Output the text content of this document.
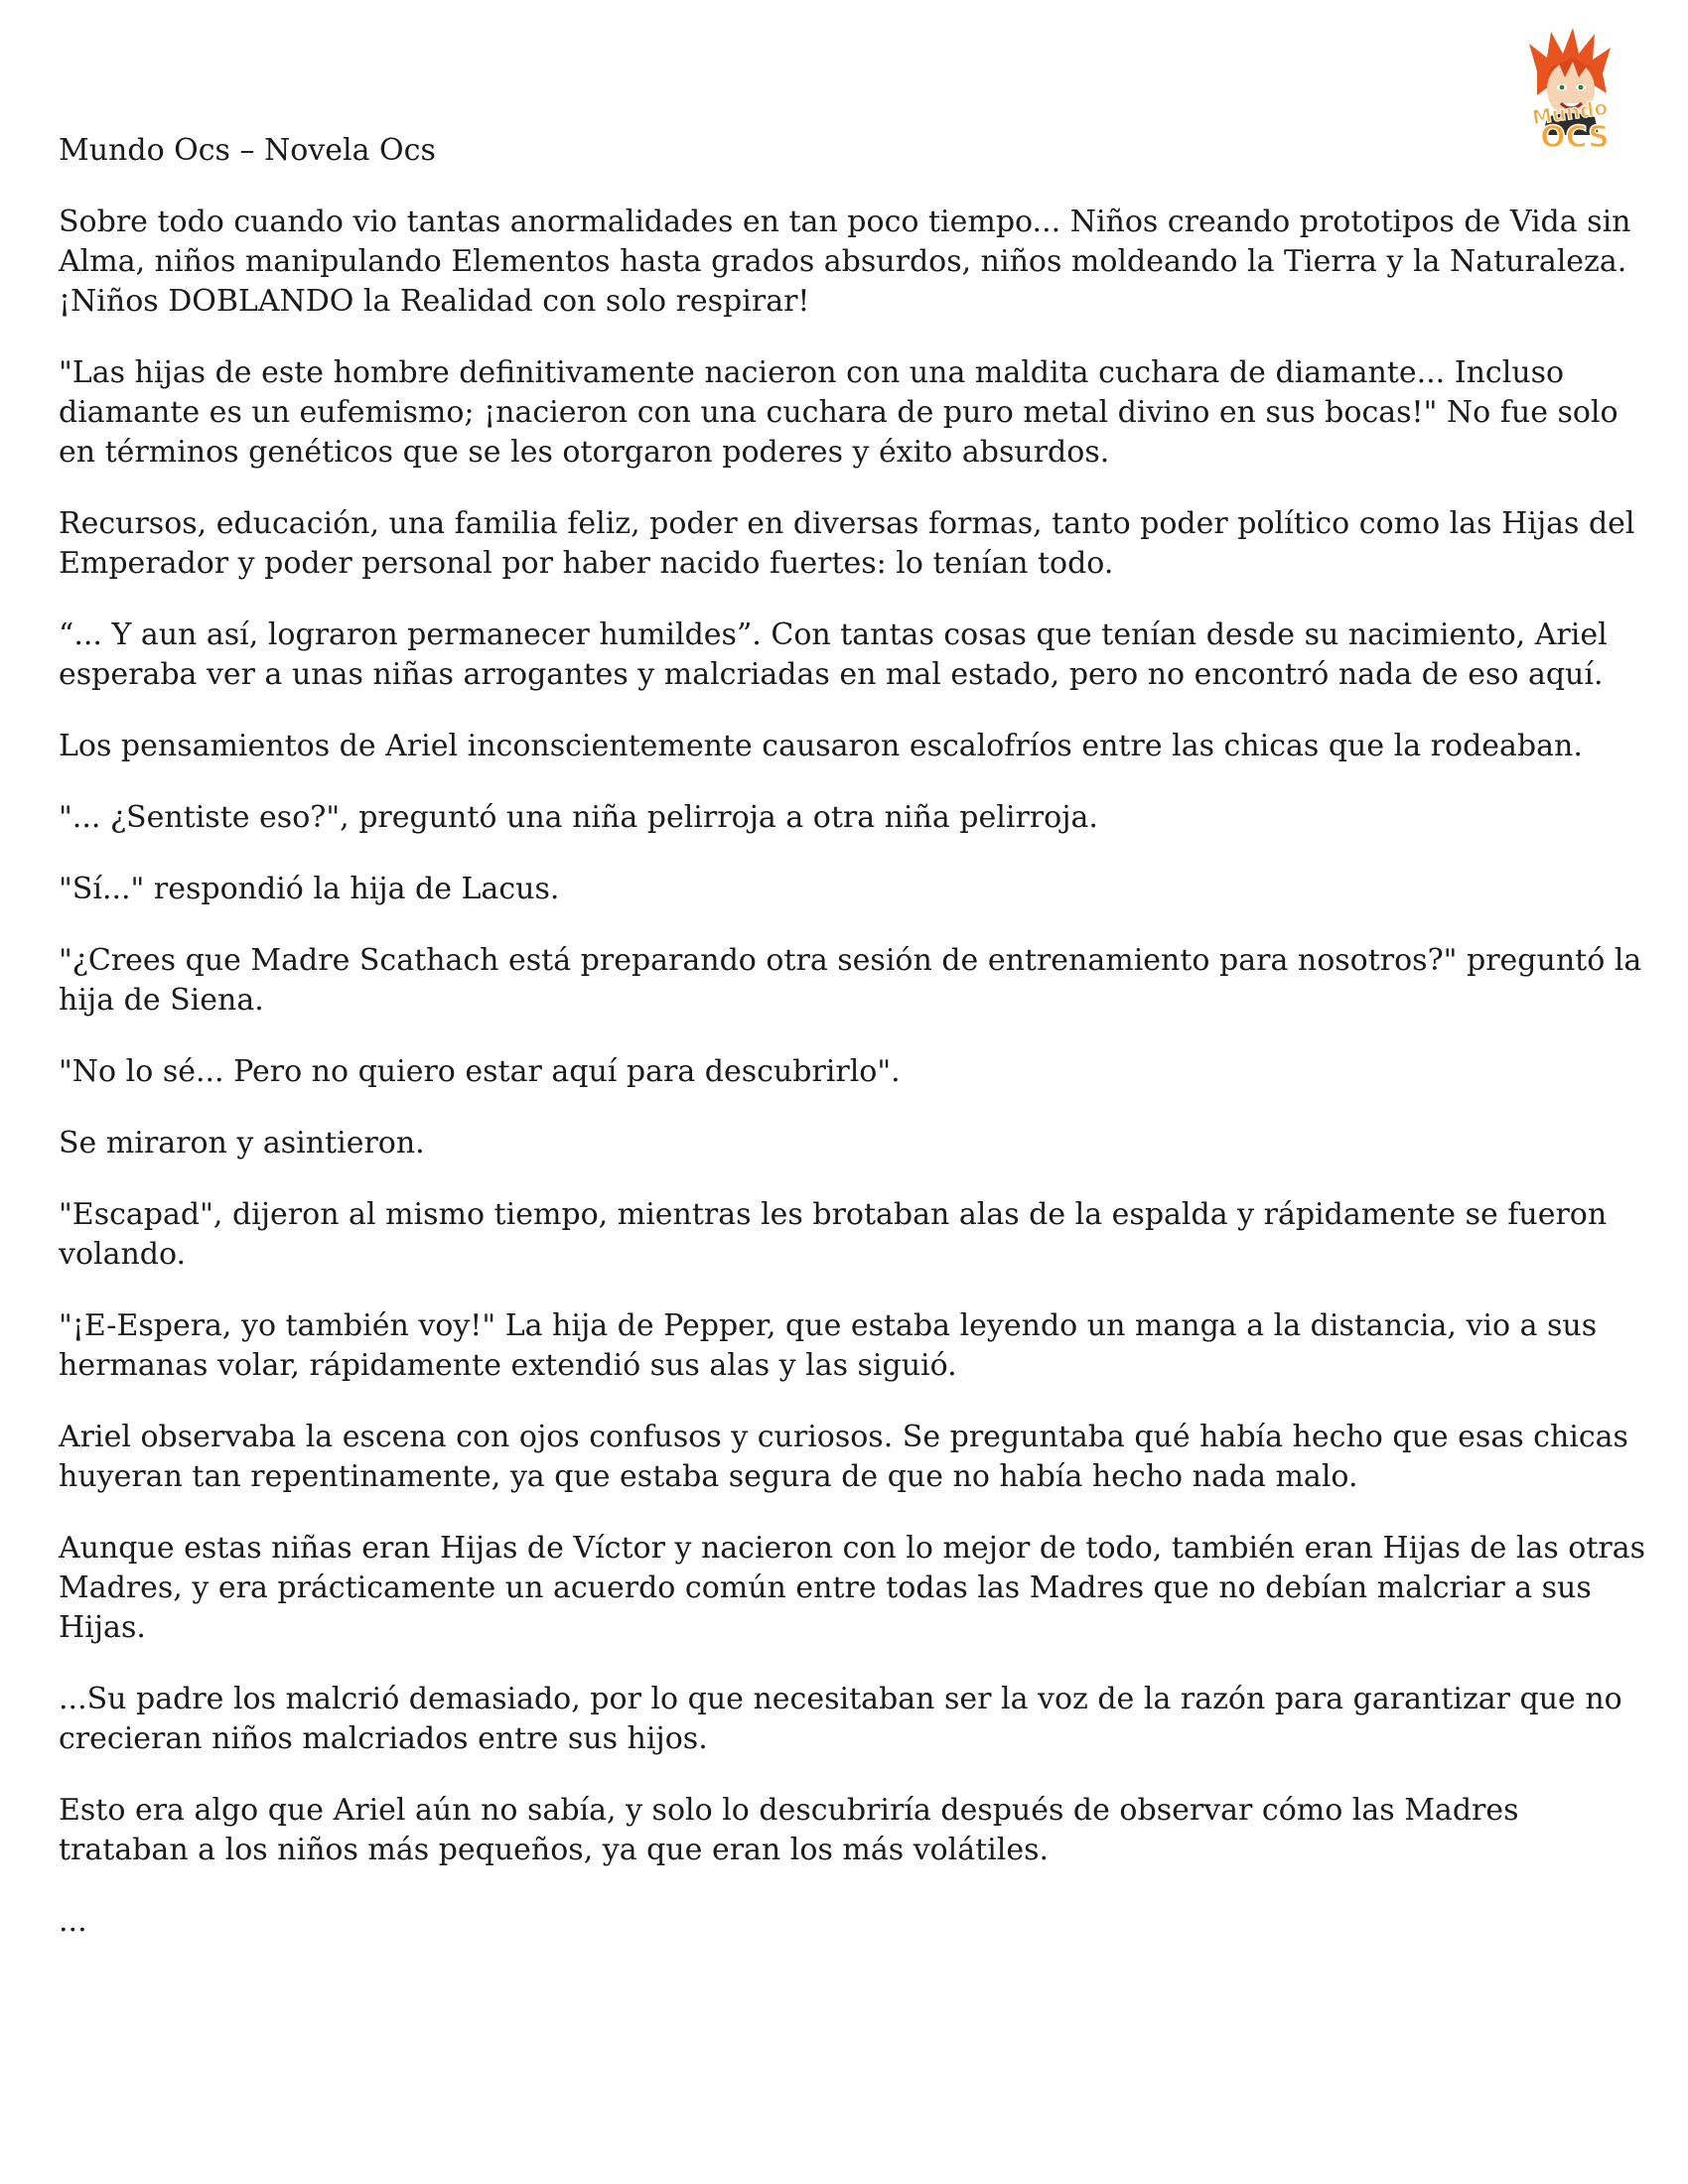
Mundo
OCS

Mundo Ocs – Novela Ocs

Sobre todo cuando vio tantas anormalidades en tan poco tiempo... Niños creando prototipos de Vida sin Alma, niños manipulando Elementos hasta grados absurdos, niños moldeando la Tierra y la Naturaleza. ¡Niños DOBLANDO la Realidad con solo respirar!

"Las hijas de este hombre definitivamente nacieron con una maldita cuchara de diamante... Incluso diamante es un eufemismo; ¡nacieron con una cuchara de puro metal divino en sus bocas!" No fue solo en términos genéticos que se les otorgaron poderes y éxito absurdos.

Recursos, educación, una familia feliz, poder en diversas formas, tanto poder político como las Hijas del Emperador y poder personal por haber nacido fuertes: lo tenían todo.

“... Y aun así, lograron permanecer humildes”. Con tantas cosas que tenían desde su nacimiento, Ariel esperaba ver a unas niñas arrogantes y malcriadas en mal estado, pero no encontró nada de eso aquí.

Los pensamientos de Ariel inconscientemente causaron escalofríos entre las chicas que la rodeaban.

"... ¿Sentiste eso?", preguntó una niña pelirroja a otra niña pelirroja.

"Sí..." respondió la hija de Lacus.

"¿Crees que Madre Scathach está preparando otra sesión de entrenamiento para nosotros?" preguntó la hija de Siena.

"No lo sé... Pero no quiero estar aquí para descubrirlo".

Se miraron y asintieron.

"Escapad", dijeron al mismo tiempo, mientras les brotaban alas de la espalda y rápidamente se fueron volando.

"¡E-Espera, yo también voy!" La hija de Pepper, que estaba leyendo un manga a la distancia, vio a sus hermanas volar, rápidamente extendió sus alas y las siguió.

Ariel observaba la escena con ojos confusos y curiosos. Se preguntaba qué había hecho que esas chicas huyeran tan repentinamente, ya que estaba segura de que no había hecho nada malo.

Aunque estas niñas eran Hijas de Víctor y nacieron con lo mejor de todo, también eran Hijas de las otras Madres, y era prácticamente un acuerdo común entre todas las Madres que no debían malcriar a sus Hijas.

...Su padre los malcrió demasiado, por lo que necesitaban ser la voz de la razón para garantizar que no crecieran niños malcriados entre sus hijos.

Esto era algo que Ariel aún no sabía, y solo lo descubriría después de observar cómo las Madres trataban a los niños más pequeños, ya que eran los más volátiles.

...
